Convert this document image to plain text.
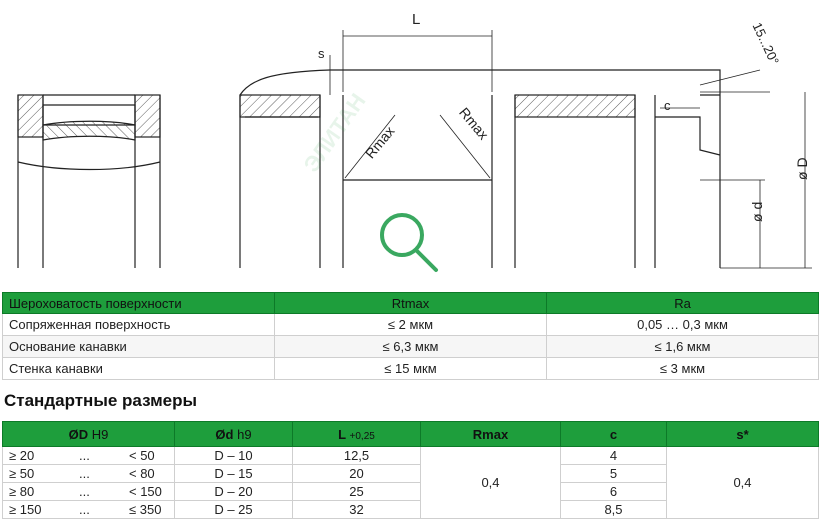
L
s
Rmax	Rmax
15...20°
c
ø D
ø d
Шероховатость поверхности	Rtmax	Ra
Сопряженная поверхность	≤ 2 мкм	0,05 … 0,3 мкм
Основание канавки	≤ 6,3 мкм	≤ 1,6 мкм
Стенка канавки	≤ 15 мкм	≤ 3 мкм
Стандартные размеры
ØD H9	Ød h9	L +0,25	Rmax	c	s*
≥ 20 ... < 50	D – 10	12,5	0,4	4	0,4
≥ 50 ... < 80	D – 15	20		5	
≥ 80 ... < 150	D – 20	25		6	
≥ 150 ... ≤ 350	D – 25	32		8,5	
ЭЛИТАН
